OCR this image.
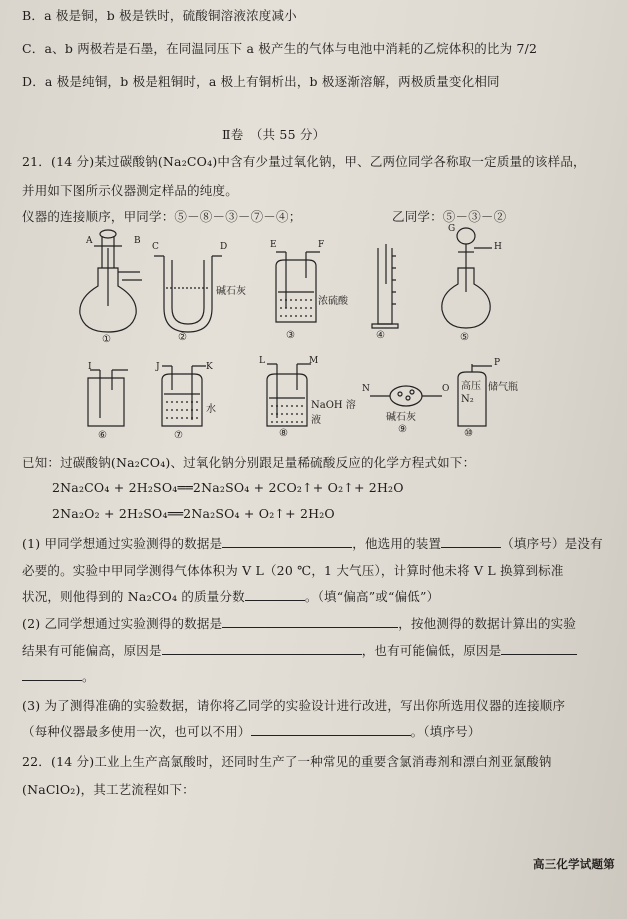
B．a 极是铜，b 极是铁时，硫酸铜溶液浓度减小
C．a、b 两极若是石墨，在同温同压下 a 极产生的气体与电池中消耗的乙烷体积的比为 7/2
D．a 极是纯铜，b 极是粗铜时，a 极上有铜析出，b 极逐渐溶解，两极质量变化相同
Ⅱ卷　（共 55 分）
21．(14 分)某过碳酸钠(Na₂CO₄)中含有少量过氧化钠，甲、乙两位同学各称取一定质量的该样品，
并用如下图所示仪器测定样品的纯度。
仪器的连接顺序，甲同学：⑤－⑧－③－⑦－④；	乙同学：⑤－③－②
A	B
①
C	D
碱石灰
②
E	F
浓硫酸
③	④
G
H
⑤
I
⑥
J	K
水
⑦
L	M
NaOH 溶液
⑧
N	O
碱石灰
⑨
P
储气瓶
高压N₂
⑩
已知：过碳酸钠(Na₂CO₄)、过氧化钠分别跟足量稀硫酸反应的化学方程式如下：
2Na₂CO₄ + 2H₂SO₄══2Na₂SO₄ + 2CO₂↑+ O₂↑+ 2H₂O
2Na₂O₂ + 2H₂SO₄══2Na₂SO₄ + O₂↑+ 2H₂O
(1) 甲同学想通过实验测得的数据是	，他选用的装置	（填序号）是没有
必要的。实验中甲同学测得气体体积为 V L（20 ℃，1 大气压），计算时他未将 V L 换算到标准
状况，则他得到的 Na₂CO₄ 的质量分数	。（填“偏高”或“偏低”）
(2) 乙同学想通过实验测得的数据是	，按他测得的数据计算出的实验
结果有可能偏高，原因是	，也有可能偏低，原因是
。
(3) 为了测得准确的实验数据，请你将乙同学的实验设计进行改进，写出你所选用仪器的连接顺序
（每种仪器最多使用一次，也可以不用）	。（填序号）
22．(14 分)工业上生产高氯酸时，还同时生产了一种常见的重要含氯消毒剂和漂白剂亚氯酸钠
(NaClO₂)，其工艺流程如下：
高三化学试题第
